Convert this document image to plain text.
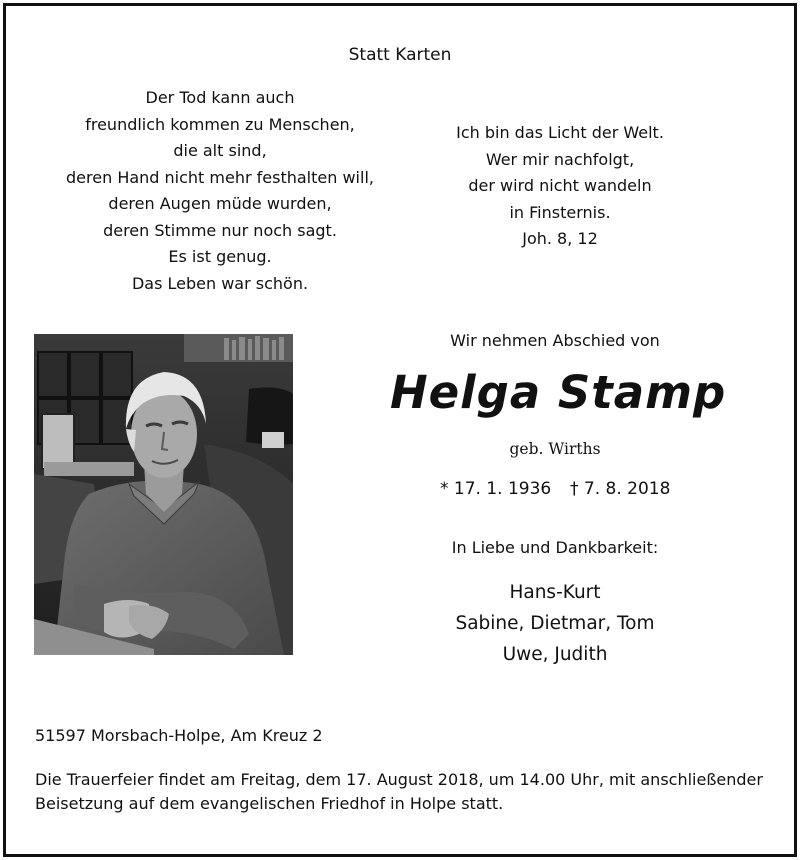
Statt Karten
Der Tod kann auch
freundlich kommen zu Menschen,
die alt sind,
deren Hand nicht mehr festhalten will,
deren Augen müde wurden,
deren Stimme nur noch sagt.
Es ist genug.
Das Leben war schön.
Ich bin das Licht der Welt.
Wer mir nachfolgt,
der wird nicht wandeln
in Finsternis.
Joh. 8, 12
Wir nehmen Abschied von
Helga Stamp
geb. Wirths
* 17. 1. 1936 † 7. 8. 2018
In Liebe und Dankbarkeit:
Hans-Kurt
Sabine, Dietmar, Tom
Uwe, Judith
51597 Morsbach-Holpe, Am Kreuz 2
Die Trauerfeier findet am Freitag, dem 17. August 2018, um 14.00 Uhr, mit anschließender Beisetzung auf dem evangelischen Friedhof in Holpe statt.
